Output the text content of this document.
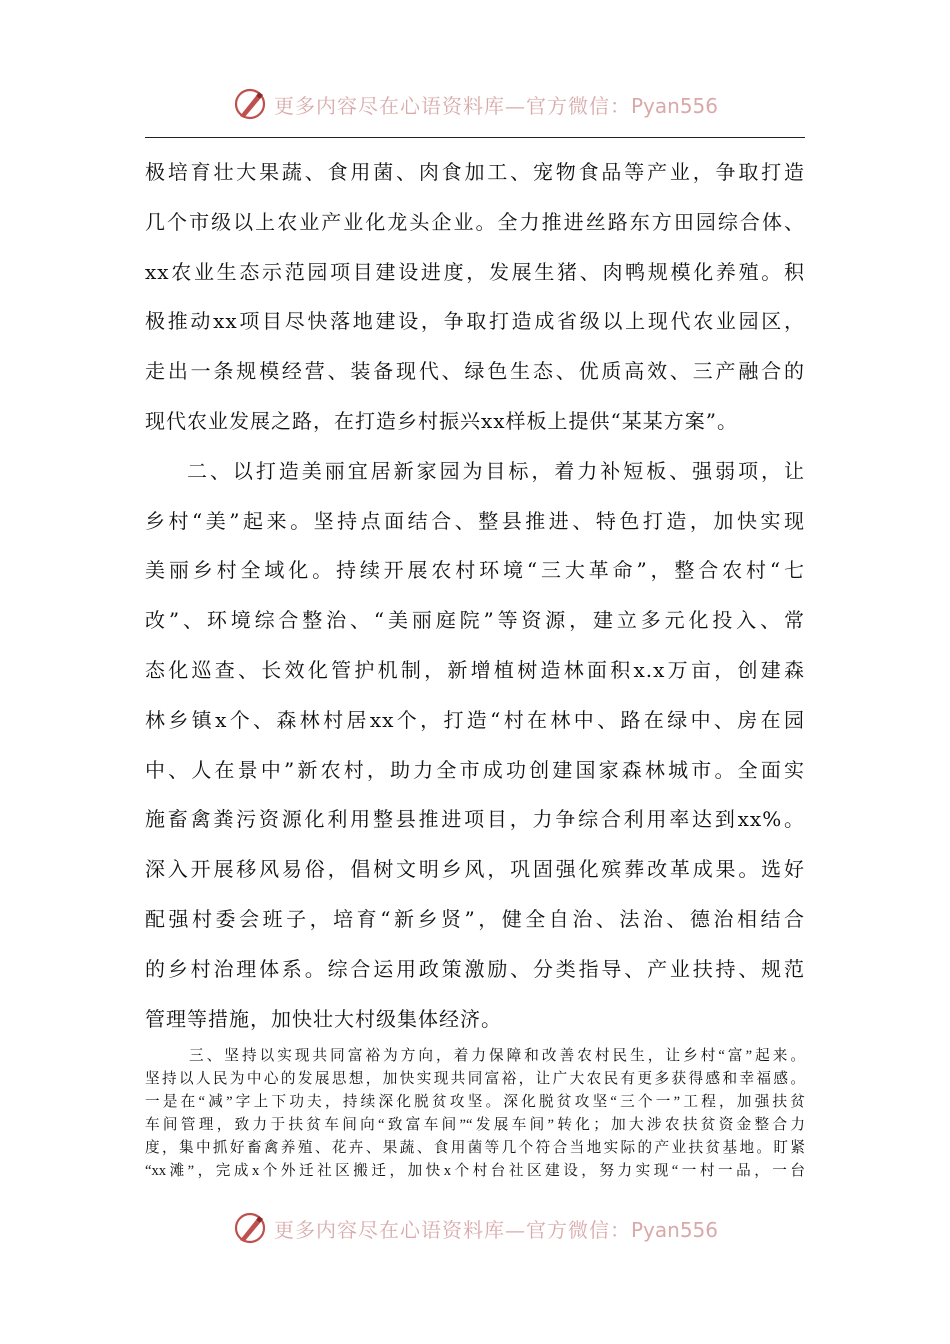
更多内容尽在心语资料库—官方微信：Pyan556
极培育壮大果蔬、食用菌、肉食加工、宠物食品等产业，争取打造
几个市级以上农业产业化龙头企业。全力推进丝路东方田园综合体、
xx农业生态示范园项目建设进度，发展生猪、肉鸭规模化养殖。积
极推动xx项目尽快落地建设，争取打造成省级以上现代农业园区，
走出一条规模经营、装备现代、绿色生态、优质高效、三产融合的
现代农业发展之路，在打造乡村振兴xx样板上提供“某某方案”。
二、以打造美丽宜居新家园为目标，着力补短板、强弱项，让
乡村“美”起来。坚持点面结合、整县推进、特色打造，加快实现
美丽乡村全域化。持续开展农村环境“三大革命”，整合农村“七
改”、环境综合整治、“美丽庭院”等资源，建立多元化投入、常
态化巡查、长效化管护机制，新增植树造林面积x.x万亩，创建森
林乡镇x个、森林村居xx个，打造“村在林中、路在绿中、房在园
中、人在景中”新农村，助力全市成功创建国家森林城市。全面实
施畜禽粪污资源化利用整县推进项目，力争综合利用率达到xx%。
深入开展移风易俗，倡树文明乡风，巩固强化殡葬改革成果。选好
配强村委会班子，培育“新乡贤”，健全自治、法治、德治相结合
的乡村治理体系。综合运用政策激励、分类指导、产业扶持、规范
管理等措施，加快壮大村级集体经济。
三、坚持以实现共同富裕为方向，着力保障和改善农村民生，让乡村“富”起来。
坚持以人民为中心的发展思想，加快实现共同富裕，让广大农民有更多获得感和幸福感。
一是在“减”字上下功夫，持续深化脱贫攻坚。深化脱贫攻坚“三个一”工程，加强扶贫
车间管理，致力于扶贫车间向“致富车间”“发展车间”转化；加大涉农扶贫资金整合力
度，集中抓好畜禽养殖、花卉、果蔬、食用菌等几个符合当地实际的产业扶贫基地。盯紧
“xx滩”，完成x个外迁社区搬迁，加快x个村台社区建设，努力实现“一村一品，一台
更多内容尽在心语资料库—官方微信：Pyan556
